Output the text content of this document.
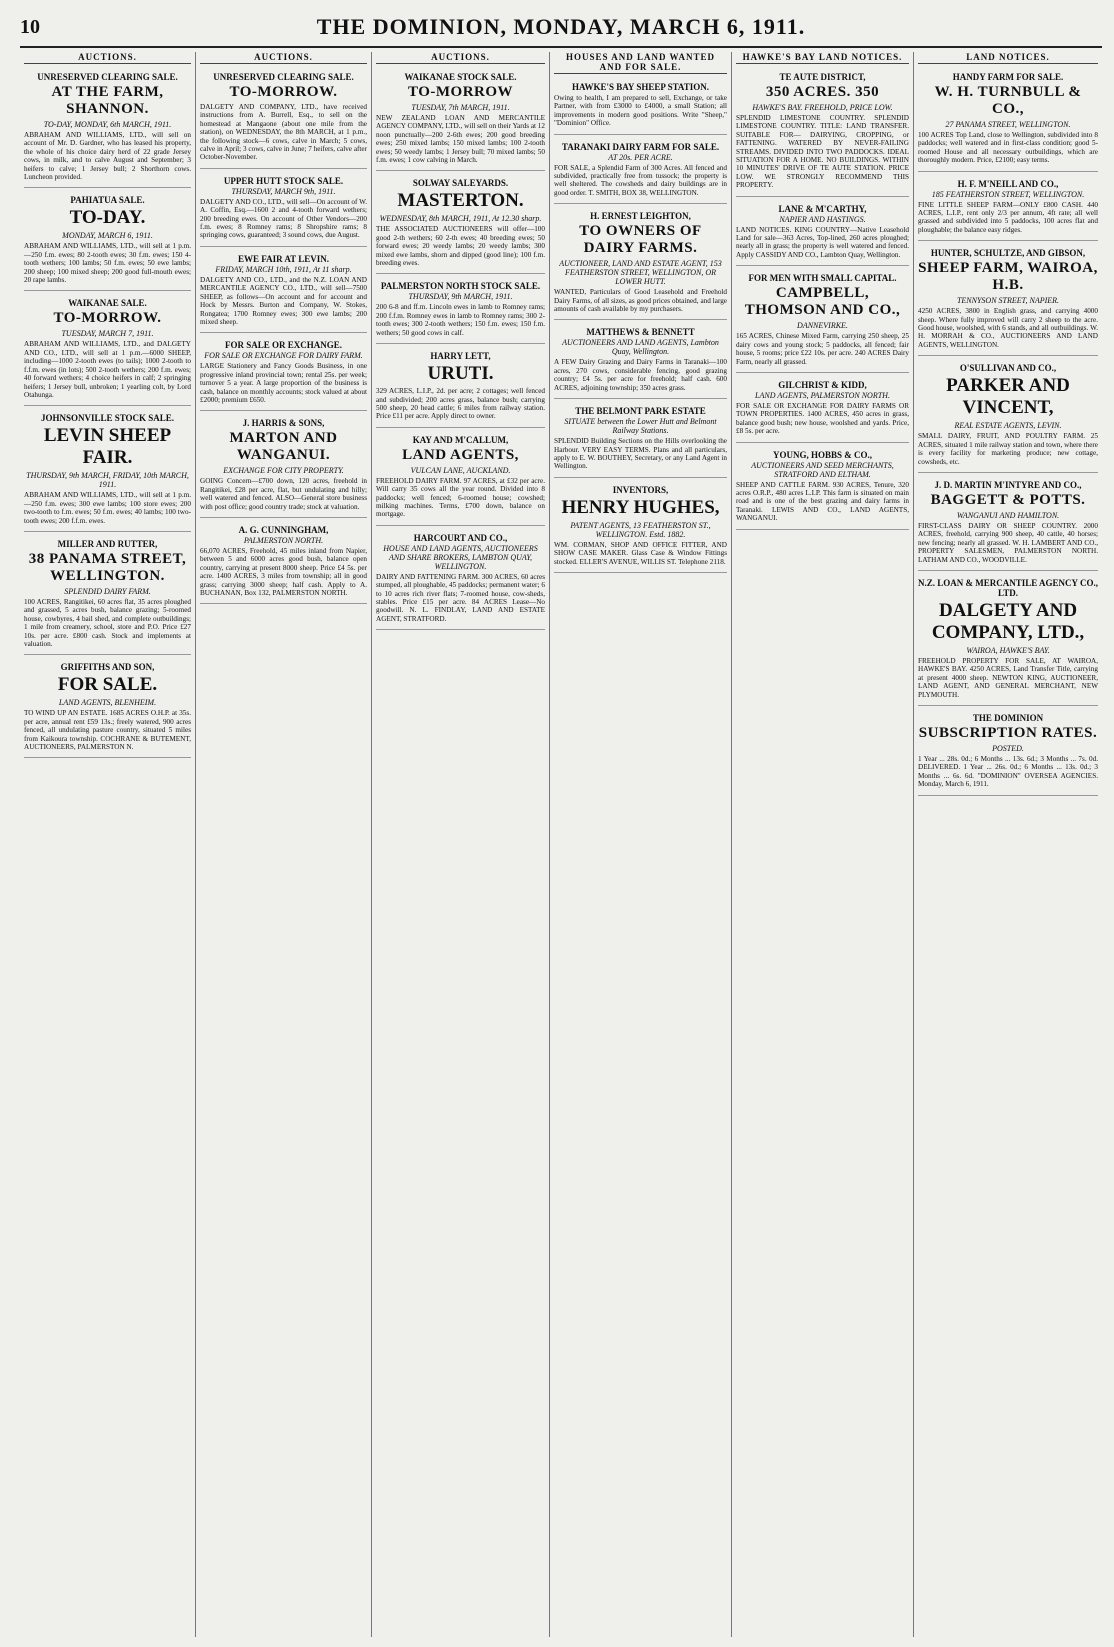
10	THE DOMINION, MONDAY, MARCH 6, 1911.
AUCTIONS.
UNRESERVED CLEARING SALE.
AT THE FARM, SHANNON.
TO-DAY, MONDAY, 6th MARCH, 1911.
ABRAHAM AND WILLIAMS, LTD., will sell on account of Mr. D. Gardner, who has leased his property, the whole of his choice dairy herd of 22 grade Jersey cows, in milk, and to calve August and September; 3 heifers to calve; 1 Jersey bull; 2 Shorthorn cows. Luncheon provided.
PAHIATUA SALE.
TO-DAY.
MONDAY, MARCH 6, 1911.
ABRAHAM AND WILLIAMS, LTD., will sell at 1 p.m.—250 f.m. ewes; 80 2-tooth ewes; 30 f.m. ewes; 150 4-tooth wethers; 100 lambs; 50 f.m. ewes; 50 ewe lambs; 200 sheep; 100 mixed sheep; 200 good full-mouth ewes; 20 rape lambs.
WAIKANAE SALE.
TO-MORROW.
TUESDAY, MARCH 7, 1911.
ABRAHAM AND WILLIAMS, LTD., and DALGETY AND CO., LTD., will sell at 1 p.m.—6000 SHEEP, including—1000 2-tooth ewes (to tails); 1000 2-tooth to f.f.m. ewes (in lots); 500 2-tooth wethers; 200 f.m. ewes; 40 forward wethers; 4 choice heifers in calf; 2 springing heifers; 1 Jersey bull, unbroken; 1 yearling colt, by Lord Otahunga.
JOHNSONVILLE STOCK SALE.
LEVIN SHEEP FAIR.
THURSDAY, 9th MARCH, FRIDAY, 10th MARCH, 1911.
ABRAHAM AND WILLIAMS, LTD., will sell at 1 p.m.—250 f.m. ewes; 300 ewe lambs; 100 store ewes; 200 two-tooth to f.m. ewes; 50 f.m. ewes; 40 lambs; 100 two-tooth ewes; 200 f.f.m. ewes.
MILLER AND RUTTER,
38 PANAMA STREET, WELLINGTON.
SPLENDID DAIRY FARM.
100 ACRES, Rangitikei, 60 acres flat, 35 acres ploughed and grassed, 5 acres bush, balance grazing; 5-roomed house, cowbyres, 4 bail shed, and complete outbuildings; 1 mile from creamery, school, store and P.O. Price £27 10s. per acre. £800 cash. Stock and implements at valuation.
GRIFFITHS AND SON,
FOR SALE.
LAND AGENTS, BLENHEIM.
TO WIND UP AN ESTATE. 1685 ACRES O.H.P. at 35s. per acre, annual rent £59 13s.; freely watered, 900 acres fenced, all undulating pasture country, situated 5 miles from Kaikoura township. COCHRANE & BUTEMENT, AUCTIONEERS, PALMERSTON N.
AUCTIONS.
UNRESERVED CLEARING SALE.
TO-MORROW.
DALGETY AND COMPANY, LTD., have received instructions from A. Burrell, Esq., to sell on the homestead at Mangaone (about one mile from the station), on WEDNESDAY, the 8th MARCH, at 1 p.m., the following stock—6 cows, calve in March; 5 cows, calve in April; 3 cows, calve in June; 7 heifers, calve after October-November.
UPPER HUTT STOCK SALE.
THURSDAY, MARCH 9th, 1911.
DALGETY AND CO., LTD., will sell—On account of W. A. Coffin, Esq.—1600 2 and 4-tooth forward wethers; 200 breeding ewes. On account of Other Vendors—200 f.m. ewes; 8 Romney rams; 8 Shropshire rams; 8 springing cows, guaranteed; 3 sound cows, due August.
EWE FAIR AT LEVIN.
FRIDAY, MARCH 10th, 1911, At 11 sharp.
DALGETY AND CO., LTD., and the N.Z. LOAN AND MERCANTILE AGENCY CO., LTD., will sell—7500 SHEEP, as follows—On account and for account and Hock by Messrs. Burton and Company, W. Stokes, Rongatea; 1700 Romney ewes; 300 ewe lambs; 200 mixed sheep.
FOR SALE OR EXCHANGE.
FOR SALE OR EXCHANGE FOR DAIRY FARM.
LARGE Stationery and Fancy Goods Business, in one progressive inland provincial town; rental 25s. per week; turnover 5 a year. A large proportion of the business is cash, balance on monthly accounts; stock valued at about £2000; premium £650.
J. HARRIS & SONS,
MARTON AND WANGANUI.
EXCHANGE FOR CITY PROPERTY.
GOING Concern—£700 down, 120 acres, freehold in Rangitikei, £28 per acre, flat, but undulating and hilly; well watered and fenced. ALSO—General store business with post office; good country trade; stock at valuation.
A. G. CUNNINGHAM,
PALMERSTON NORTH.
66,070 ACRES, Freehold, 45 miles inland from Napier, between 5 and 6000 acres good bush, balance open country, carrying at present 8000 sheep. Price £4 5s. per acre. 1400 ACRES, 3 miles from township; all in good grass; carrying 3000 sheep; half cash. Apply to A. BUCHANAN, Box 132, PALMERSTON NORTH.
AUCTIONS.
WAIKANAE STOCK SALE.
TO-MORROW
TUESDAY, 7th MARCH, 1911.
NEW ZEALAND LOAN AND MERCANTILE AGENCY COMPANY, LTD., will sell on their Yards at 12 noon punctually—200 2-6th ewes; 200 good breeding ewes; 250 mixed lambs; 150 mixed lambs; 100 2-tooth ewes; 50 weedy lambs; 1 Jersey bull; 70 mixed lambs; 50 f.m. ewes; 1 cow calving in March.
SOLWAY SALEYARDS.
MASTERTON.
WEDNESDAY, 8th MARCH, 1911, At 12.30 sharp.
THE ASSOCIATED AUCTIONEERS will offer—100 good 2-th wethers; 60 2-th ewes; 40 breeding ewes; 50 forward ewes; 20 weedy lambs; 20 weedy lambs; 300 mixed ewe lambs, shorn and dipped (good line); 100 f.m. breeding ewes.
PALMERSTON NORTH STOCK SALE.
THURSDAY, 9th MARCH, 1911.
200 6-8 and ff.m. Lincoln ewes in lamb to Romney rams; 200 f.f.m. Romney ewes in lamb to Romney rams; 300 2-tooth ewes; 300 2-tooth wethers; 150 f.m. ewes; 150 f.m. wethers; 50 good cows in calf.
HARRY LETT,
URUTI.
329 ACRES, L.I.P., 2d. per acre; 2 cottages; well fenced and subdivided; 200 acres grass, balance bush; carrying 500 sheep, 20 head cattle; 6 miles from railway station. Price £11 per acre. Apply direct to owner.
KAY AND M'CALLUM,
LAND AGENTS,
VULCAN LANE, AUCKLAND.
FREEHOLD DAIRY FARM. 97 ACRES, at £32 per acre. Will carry 35 cows all the year round. Divided into 8 paddocks; well fenced; 6-roomed house; cowshed; milking machines. Terms, £700 down, balance on mortgage.
HARCOURT AND CO.,
HOUSE AND LAND AGENTS, AUCTIONEERS AND SHARE BROKERS, LAMBTON QUAY, WELLINGTON.
DAIRY AND FATTENING FARM. 300 ACRES, 60 acres stumped, all ploughable, 45 paddocks; permanent water; 6 to 10 acres rich river flats; 7-roomed house, cow-sheds, stables. Price £15 per acre. 84 ACRES Lease—No goodwill. N. L. FINDLAY, LAND AND ESTATE AGENT, STRATFORD.
HOUSES AND LAND WANTED AND FOR SALE.
HAWKE'S BAY SHEEP STATION.
Owing to health, I am prepared to sell, Exchange, or take Partner, with from £3000 to £4000, a small Station; all improvements in modern good positions. Write "Sheep," "Dominion" Office.
TARANAKI DAIRY FARM FOR SALE.
AT 20s. PER ACRE.
FOR SALE, a Splendid Farm of 300 Acres. All fenced and subdivided, practically free from tussock; the property is well sheltered. The cowsheds and dairy buildings are in good order. T. SMITH, BOX 38, WELLINGTON.
H. ERNEST LEIGHTON,
TO OWNERS OF DAIRY FARMS.
AUCTIONEER, LAND AND ESTATE AGENT, 153 FEATHERSTON STREET, WELLINGTON, OR LOWER HUTT.
WANTED, Particulars of Good Leasehold and Freehold Dairy Farms, of all sizes, as good prices obtained, and large amounts of cash available by my purchasers.
MATTHEWS & BENNETT
AUCTIONEERS AND LAND AGENTS, Lambton Quay, Wellington.
A FEW Dairy Grazing and Dairy Farms in Taranaki—100 acres, 270 cows, considerable fencing, good grazing country; £4 5s. per acre for freehold; half cash. 600 ACRES, adjoining township; 350 acres grass.
THE BELMONT PARK ESTATE
SITUATE between the Lower Hutt and Belmont Railway Stations.
SPLENDID Building Sections on the Hills overlooking the Harbour. VERY EASY TERMS. Plans and all particulars, apply to E. W. BOUTHEY, Secretary, or any Land Agent in Wellington.
INVENTORS,
HENRY HUGHES,
PATENT AGENTS, 13 FEATHERSTON ST., WELLINGTON. Estd. 1882.
WM. CORMAN, SHOP AND OFFICE FITTER, AND SHOW CASE MAKER. Glass Case & Window Fittings stocked. ELLER'S AVENUE, WILLIS ST. Telephone 2118.
HAWKE'S BAY LAND NOTICES.
TE AUTE DISTRICT,
350 ACRES. 350
HAWKE'S BAY. FREEHOLD, PRICE LOW.
SPLENDID LIMESTONE COUNTRY. SPLENDID LIMESTONE COUNTRY. TITLE: LAND TRANSFER. SUITABLE FOR— DAIRYING, CROPPING, or FATTENING. WATERED BY NEVER-FAILING STREAMS. DIVIDED INTO TWO PADDOCKS. IDEAL SITUATION FOR A HOME. NO BUILDINGS. WITHIN 10 MINUTES' DRIVE OF TE AUTE STATION. PRICE LOW. WE STRONGLY RECOMMEND THIS PROPERTY.
LANE & M'CARTHY,
NAPIER AND HASTINGS.
LAND NOTICES. KING COUNTRY—Native Leasehold Land for sale—363 Acres, Top-lined, 260 acres ploughed; nearly all in grass; the property is well watered and fenced. Apply CASSIDY AND CO., Lambton Quay, Wellington.
FOR MEN WITH SMALL CAPITAL.
CAMPBELL, THOMSON AND CO.,
DANNEVIRKE.
165 ACRES, Chinese Mixed Farm, carrying 250 sheep, 25 dairy cows and young stock; 5 paddocks, all fenced; fair house, 5 rooms; price £22 10s. per acre. 240 ACRES Dairy Farm, nearly all grassed.
GILCHRIST & KIDD,
LAND AGENTS, PALMERSTON NORTH.
FOR SALE OR EXCHANGE FOR DAIRY FARMS OR TOWN PROPERTIES. 1400 ACRES, 450 acres in grass, balance good bush; new house, woolshed and yards. Price, £8 5s. per acre.
YOUNG, HOBBS & CO.,
AUCTIONEERS AND SEED MERCHANTS, STRATFORD AND ELTHAM.
SHEEP AND CATTLE FARM. 930 ACRES, Tenure, 320 acres O.R.P., 480 acres L.I.P. This farm is situated on main road and is one of the best grazing and dairy farms in Taranaki. LEWIS AND CO., LAND AGENTS, WANGANUI.
LAND NOTICES.
HANDY FARM FOR SALE.
W. H. TURNBULL & CO.,
27 PANAMA STREET, WELLINGTON.
100 ACRES Top Land, close to Wellington, subdivided into 8 paddocks; well watered and in first-class condition; good 5-roomed House and all necessary outbuildings, which are thoroughly modern. Price, £2100; easy terms.
H. F. M'NEILL AND CO.,
185 FEATHERSTON STREET, WELLINGTON.
FINE LITTLE SHEEP FARM—ONLY £800 CASH. 440 ACRES, L.I.P., rent only 2/3 per annum, 4ft rate; all well grassed and subdivided into 5 paddocks, 100 acres flat and ploughable; the balance easy ridges.
HUNTER, SCHULTZE, AND GIBSON,
SHEEP FARM, WAIROA, H.B.
TENNYSON STREET, NAPIER.
4250 ACRES, 3800 in English grass, and carrying 4000 sheep. Where fully improved will carry 2 sheep to the acre. Good house, woolshed, with 6 stands, and all outbuildings. W. H. MORRAH & CO., AUCTIONEERS AND LAND AGENTS, WELLINGTON.
O'SULLIVAN AND CO.,
PARKER AND VINCENT,
REAL ESTATE AGENTS, LEVIN.
SMALL DAIRY, FRUIT, AND POULTRY FARM. 25 ACRES, situated 1 mile railway station and town, where there is every facility for marketing produce; new cottage, cowsheds, etc.
J. D. MARTIN M'INTYRE AND CO.,
BAGGETT & POTTS.
WANGANUI AND HAMILTON.
FIRST-CLASS DAIRY OR SHEEP COUNTRY. 2000 ACRES, freehold, carrying 900 sheep, 40 cattle, 40 horses; new fencing; nearly all grassed. W. H. LAMBERT AND CO., PROPERTY SALESMEN, PALMERSTON NORTH. LATHAM AND CO., WOODVILLE.
N.Z. LOAN & MERCANTILE AGENCY CO., LTD.
DALGETY AND COMPANY, LTD.,
WAIROA, HAWKE'S BAY.
FREEHOLD PROPERTY FOR SALE, AT WAIROA, HAWKE'S BAY. 4250 ACRES, Land Transfer Title, carrying at present 4000 sheep. NEWTON KING, AUCTIONEER, LAND AGENT, AND GENERAL MERCHANT, NEW PLYMOUTH.
THE DOMINION
SUBSCRIPTION RATES.
POSTED.
1 Year ... 28s. 0d.; 6 Months ... 13s. 6d.; 3 Months ... 7s. 0d. DELIVERED. 1 Year ... 26s. 0d.; 6 Months ... 13s. 0d.; 3 Months ... 6s. 6d. "DOMINION" OVERSEA AGENCIES. Monday, March 6, 1911.
